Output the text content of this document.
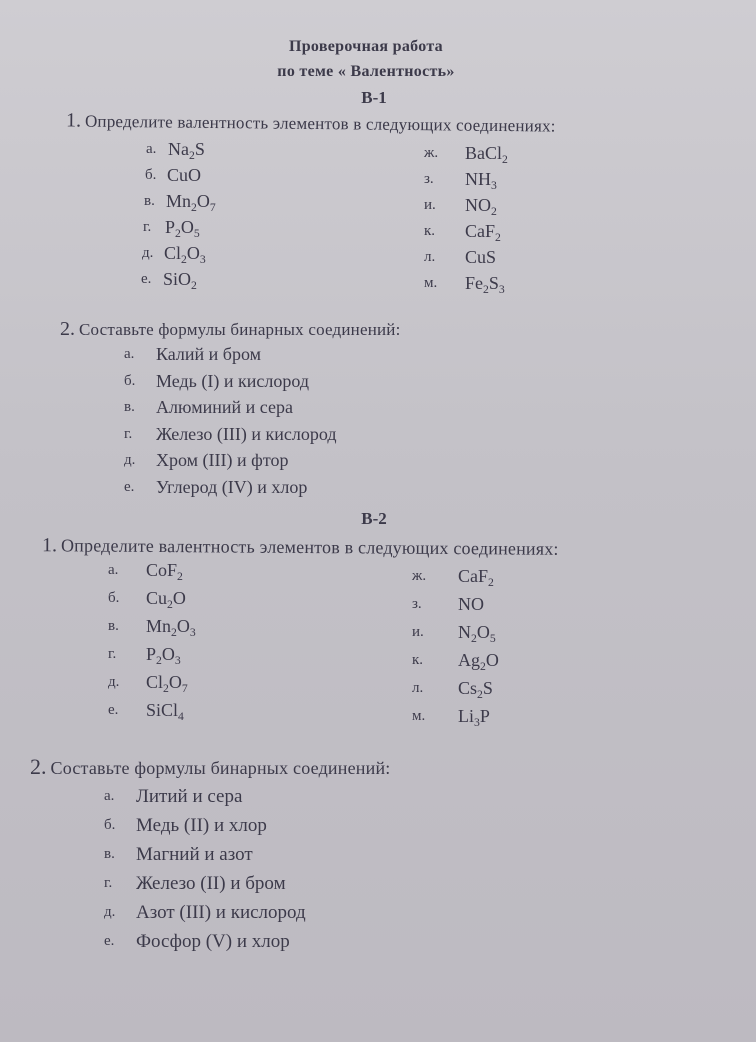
Проверочная работа
по теме « Валентность»
В-1
1. Определите валентность элементов в следующих соединениях:
а. $Na_2S$
б. CuO
в. $Mn_2O_7$
г. $P_2O_5$
д. $Cl_2O_3$
е. SiO$_2$
ж. BaCl$_2$
з. $NH_3$
и. $NO_2$
к. CaF$_2$
л. CuS
м. $Fe_2S_3$
2. Составьте формулы бинарных соединений:
а. Калий и бром
б. Медь (I) и кислород
в. Алюминий и сера
г. Железо (III) и кислород
д. Хром (III) и фтор
е. Углерод (IV) и хлор
В-2
1. Определите валентность элементов в следующих соединениях:
а. CoF$_2$
б. $Cu_2O$
в. $Mn_2O_3$
г. $P_2O_3$
д. $Cl_2O_7$
е. SiCl$_4$
ж. CaF$_2$
з. NO
и. $N_2O_5$
к. $Ag_2O$
л. $Cs_2S$
м. $Li_3P$
2. Составьте формулы бинарных соединений:
а. Литий и сера
б. Медь (II) и хлор
в. Магний и азот
г. Железо (II) и бром
д. Азот (III) и кислород
е. Фосфор (V) и хлор
